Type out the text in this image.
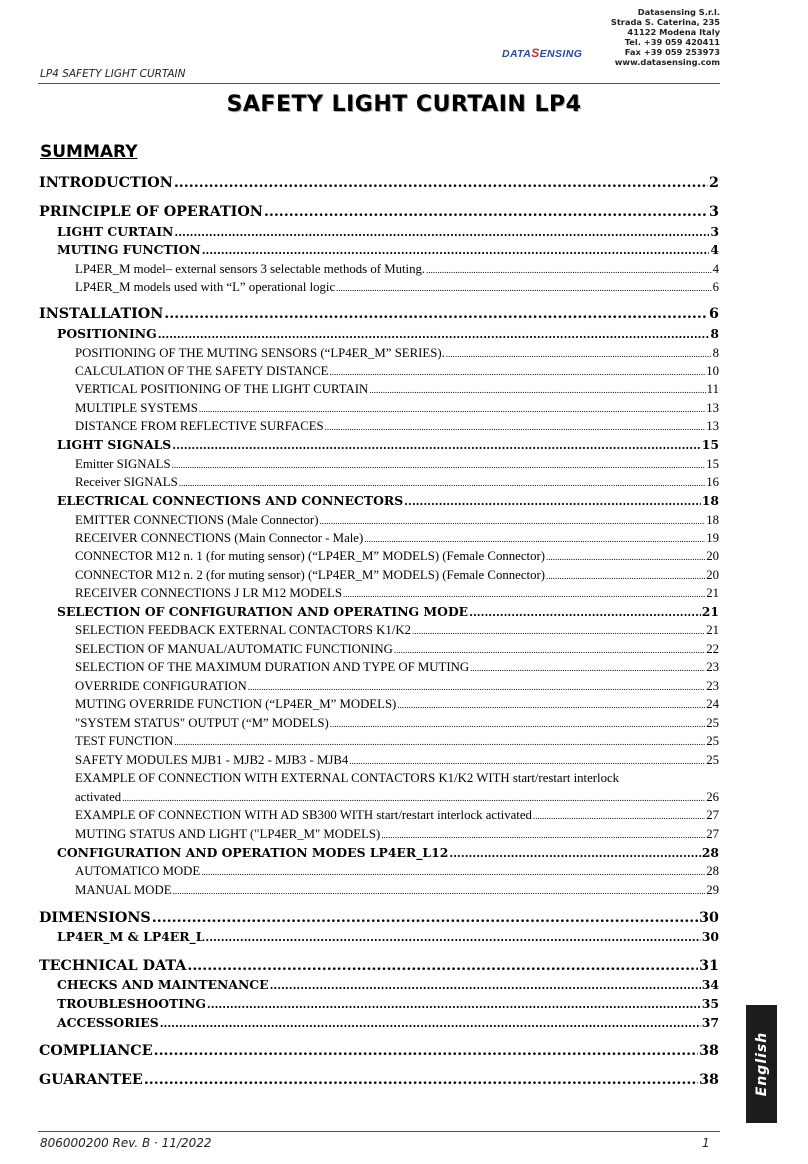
Datasensing S.r.l.
Strada S. Caterina, 235
41122 Modena Italy
Tel. +39 059 420411
Fax +39 059 253973
www.datasensing.com
DATASENSING
LP4 SAFETY LIGHT CURTAIN
SAFETY LIGHT CURTAIN LP4
SUMMARY
INTRODUCTION .....	2
PRINCIPLE OF OPERATION .....	3
LIGHT CURTAIN .....	3
MUTING FUNCTION .....	4
LP4ER_M model– external sensors 3 selectable methods of Muting. .....	4
LP4ER_M models used with “L” operational logic .....	6
INSTALLATION .....	6
POSITIONING .....	8
POSITIONING OF THE MUTING SENSORS (“LP4ER_M” SERIES). .....	8
CALCULATION OF THE SAFETY DISTANCE .....	10
VERTICAL POSITIONING OF THE LIGHT CURTAIN .....	11
MULTIPLE SYSTEMS .....	13
DISTANCE FROM REFLECTIVE SURFACES .....	13
LIGHT SIGNALS .....	15
Emitter SIGNALS .....	15
Receiver SIGNALS .....	16
ELECTRICAL CONNECTIONS AND CONNECTORS .....	18
EMITTER CONNECTIONS (Male Connector) .....	18
RECEIVER CONNECTIONS (Main Connector - Male) .....	19
CONNECTOR M12 n. 1 (for muting sensor) (“LP4ER_M” MODELS) (Female Connector) .....	20
CONNECTOR M12 n. 2 (for muting sensor) (“LP4ER_M” MODELS) (Female Connector) .....	20
RECEIVER CONNECTIONS J LR M12 MODELS .....	21
SELECTION OF CONFIGURATION AND OPERATING MODE .....	21
SELECTION FEEDBACK EXTERNAL CONTACTORS K1/K2 .....	21
SELECTION OF MANUAL/AUTOMATIC FUNCTIONING .....	22
SELECTION OF THE MAXIMUM DURATION AND TYPE OF MUTING .....	23
OVERRIDE CONFIGURATION .....	23
MUTING OVERRIDE FUNCTION (“LP4ER_M” MODELS) .....	24
"SYSTEM STATUS" OUTPUT (“M” MODELS) .....	25
TEST FUNCTION .....	25
SAFETY MODULES MJB1 - MJB2 - MJB3 - MJB4 .....	25
EXAMPLE OF CONNECTION WITH EXTERNAL CONTACTORS K1/K2 WITH start/restart interlock
activated .....	26
EXAMPLE OF CONNECTION WITH AD SB300 WITH start/restart interlock activated .....	27
MUTING STATUS AND LIGHT ("LP4ER_M" MODELS) .....	27
CONFIGURATION AND OPERATION MODES LP4ER_L12 .....	28
AUTOMATICO MODE .....	28
MANUAL MODE .....	29
DIMENSIONS .....	30
LP4ER_M & LP4ER_L .....	30
TECHNICAL DATA .....	31
CHECKS AND MAINTENANCE .....	34
TROUBLESHOOTING .....	35
ACCESSORIES .....	37
COMPLIANCE .....	38
GUARANTEE .....	38 English
806000200 Rev. B · 11/2022	1
